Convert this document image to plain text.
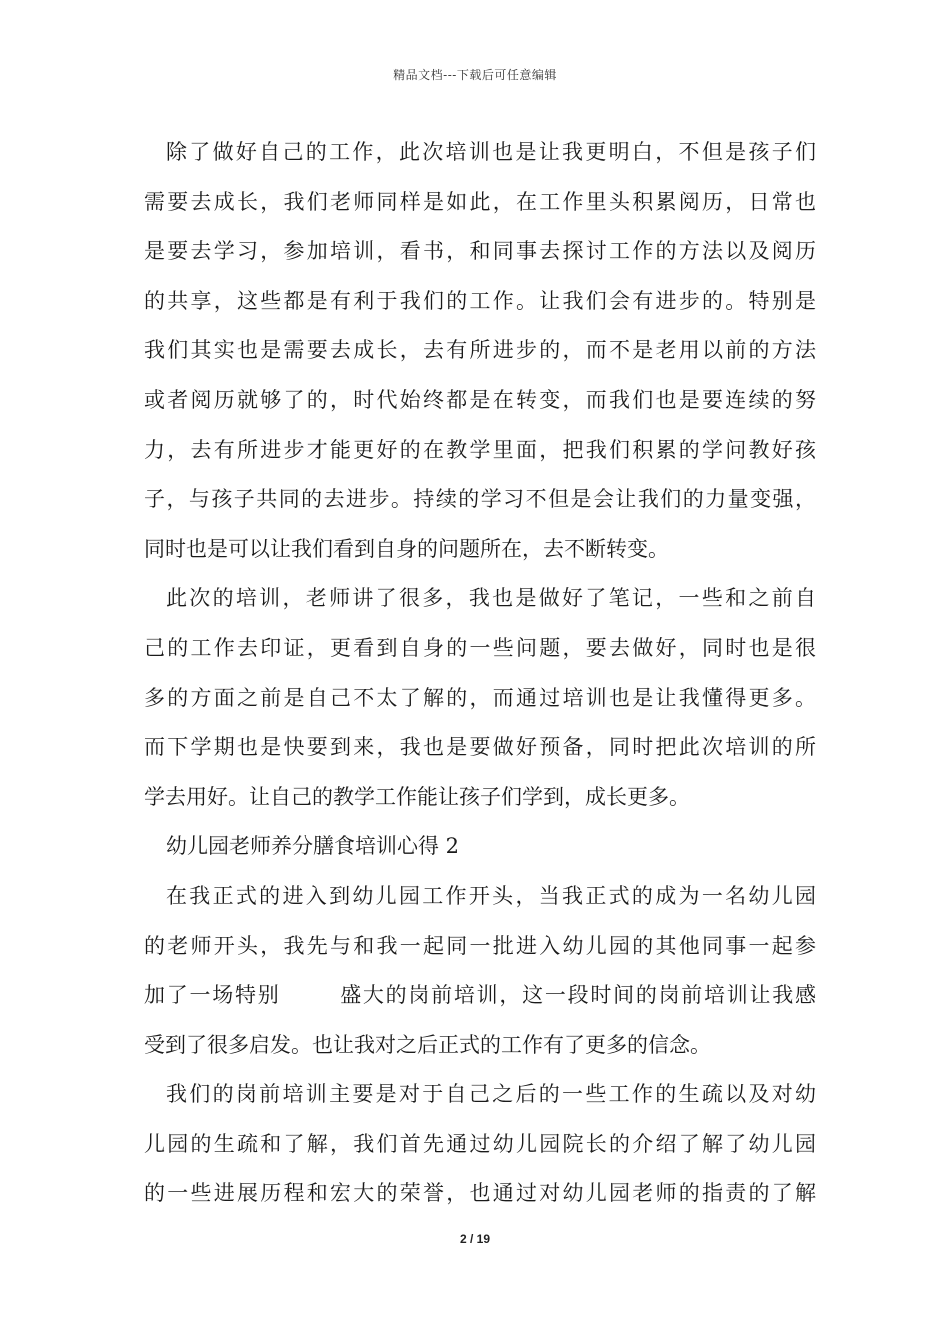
精品文档---下载后可任意编辑
除了做好自己的工作，此次培训也是让我更明白，不但是孩子们
需要去成长，我们老师同样是如此，在工作里头积累阅历，日常也
是要去学习，参加培训，看书，和同事去探讨工作的方法以及阅历
的共享，这些都是有利于我们的工作。让我们会有进步的。特别是
我们其实也是需要去成长，去有所进步的，而不是老用以前的方法
或者阅历就够了的，时代始终都是在转变，而我们也是要连续的努
力，去有所进步才能更好的在教学里面，把我们积累的学问教好孩
子，与孩子共同的去进步。持续的学习不但是会让我们的力量变强，
同时也是可以让我们看到自身的问题所在，去不断转变。
此次的培训，老师讲了很多，我也是做好了笔记，一些和之前自
己的工作去印证，更看到自身的一些问题，要去做好，同时也是很
多的方面之前是自己不太了解的，而通过培训也是让我懂得更多。
而下学期也是快要到来，我也是要做好预备，同时把此次培训的所
学去用好。让自己的教学工作能让孩子们学到，成长更多。
幼儿园老师养分膳食培训心得 2
在我正式的进入到幼儿园工作开头，当我正式的成为一名幼儿园
的老师开头，我先与和我一起同一批进入幼儿园的其他同事一起参
加了一场特别	盛大的岗前培训，这一段时间的岗前培训让我感
受到了很多启发。也让我对之后正式的工作有了更多的信念。
我们的岗前培训主要是对于自己之后的一些工作的生疏以及对幼
儿园的生疏和了解，我们首先通过幼儿园院长的介绍了解了幼儿园
的一些进展历程和宏大的荣誉，也通过对幼儿园老师的指责的了解
2 / 19
